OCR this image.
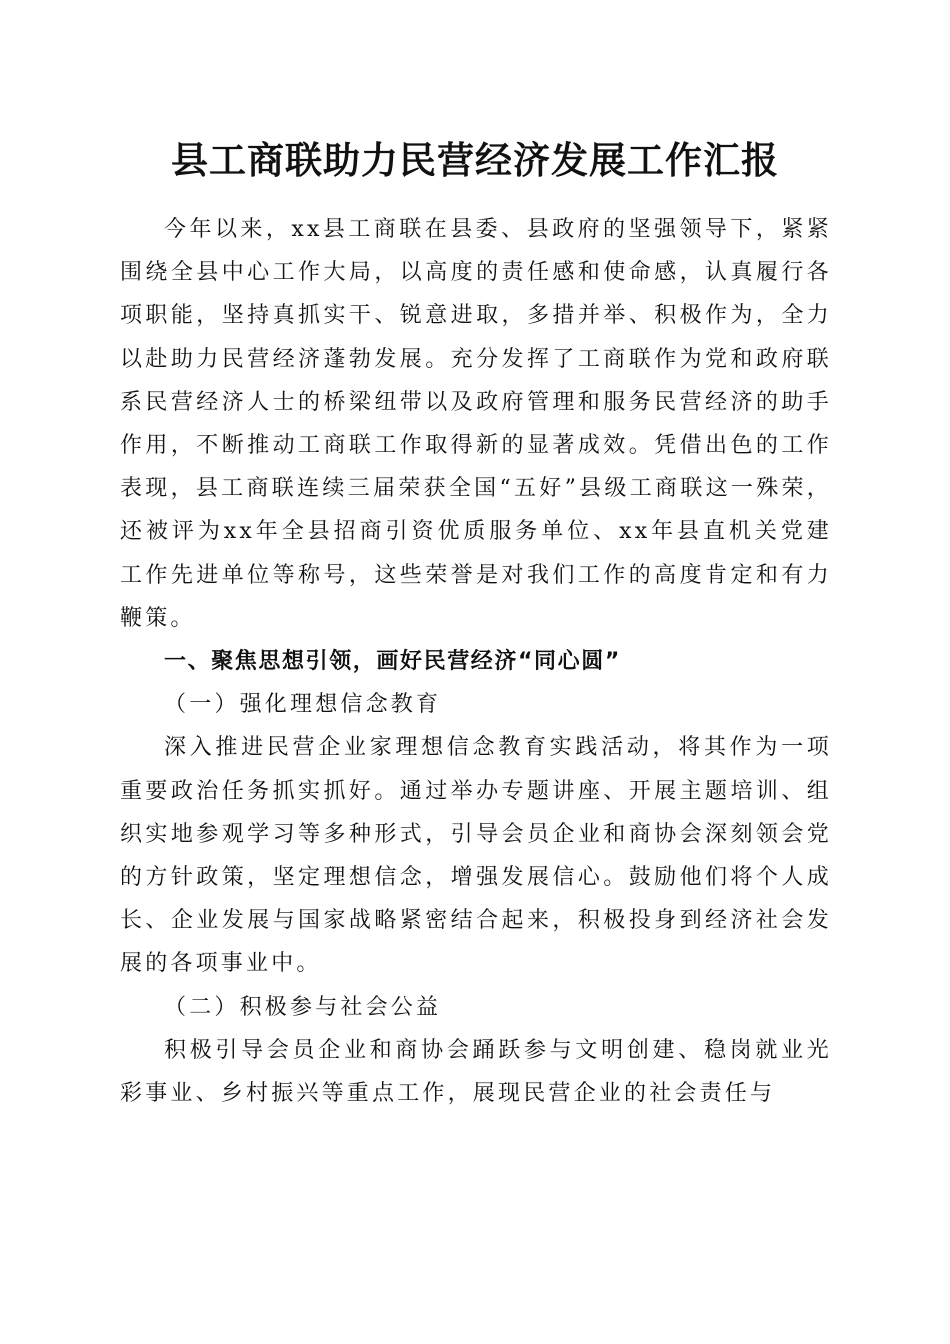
县工商联助力民营经济发展工作汇报

今年以来，xx县工商联在县委、县政府的坚强领导下，紧紧围绕全县中心工作大局，以高度的责任感和使命感，认真履行各项职能，坚持真抓实干、锐意进取，多措并举、积极作为，全力以赴助力民营经济蓬勃发展。充分发挥了工商联作为党和政府联系民营经济人士的桥梁纽带以及政府管理和服务民营经济的助手作用，不断推动工商联工作取得新的显著成效。凭借出色的工作表现，县工商联连续三届荣获全国“五好”县级工商联这一殊荣，还被评为xx年全县招商引资优质服务单位、xx年县直机关党建工作先进单位等称号，这些荣誉是对我们工作的高度肯定和有力鞭策。

一、聚焦思想引领，画好民营经济“同心圆”

（一）强化理想信念教育

深入推进民营企业家理想信念教育实践活动，将其作为一项重要政治任务抓实抓好。通过举办专题讲座、开展主题培训、组织实地参观学习等多种形式，引导会员企业和商协会深刻领会党的方针政策，坚定理想信念，增强发展信心。鼓励他们将个人成长、企业发展与国家战略紧密结合起来，积极投身到经济社会发展的各项事业中。

（二）积极参与社会公益

积极引导会员企业和商协会踊跃参与文明创建、稳岗就业光彩事业、乡村振兴等重点工作，展现民营企业的社会责任与
